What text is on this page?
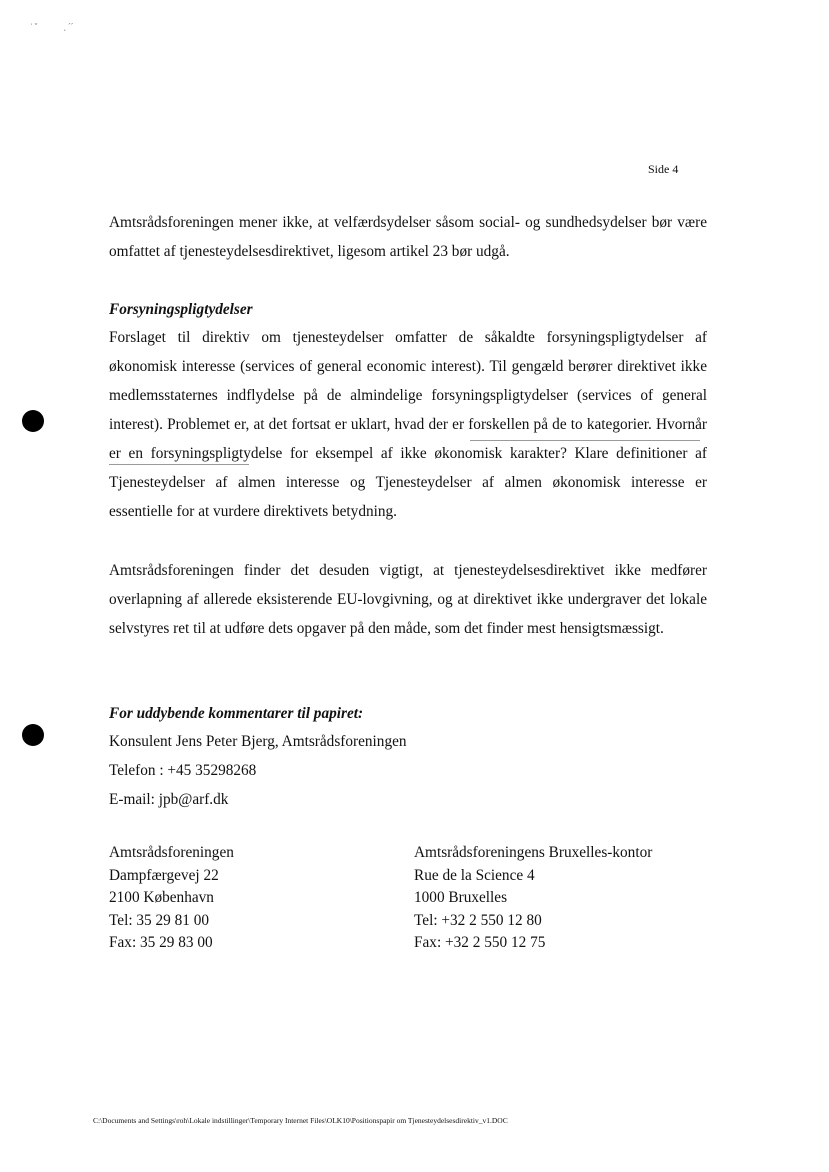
˙ ˇ             ˎ ˊˊ
Side 4

Amtsrådsforeningen mener ikke, at velfærdsydelser såsom social- og sundhedsydelser bør være omfattet af tjenesteydelsesdirektivet, ligesom artikel 23 bør udgå.

Forsyningspligtydelser

Forslaget til direktiv om tjenesteydelser omfatter de såkaldte forsyningspligtydelser af økonomisk interesse (services of general economic interest). Til gengæld berører direktivet ikke medlemsstaternes indflydelse på de almindelige forsyningspligtydelser (services of general interest). Problemet er, at det fortsat er uklart, hvad der er forskellen på de to kategorier. Hvornår er en forsyningspligtydelse for eksempel af ikke økonomisk karakter? Klare definitioner af Tjenesteydelser af almen interesse og Tjenesteydelser af almen økonomisk interesse er essentielle for at vurdere direktivets betydning.

Amtsrådsforeningen finder det desuden vigtigt, at tjenesteydelsesdirektivet ikke medfører overlapning af allerede eksisterende EU-lovgivning, og at direktivet ikke undergraver det lokale selvstyres ret til at udføre dets opgaver på den måde, som det finder mest hensigtsmæssigt.

For uddybende kommentarer til papiret:
Konsulent Jens Peter Bjerg, Amtsrådsforeningen
Telefon : +45 35298268
E-mail: jpb@arf.dk
Amtsrådsforeningen
Dampfærgevej 22
2100 København
Tel: 35 29 81 00
Fax: 35 29 83 00
Amtsrådsforeningens Bruxelles-kontor
Rue de la Science 4
1000 Bruxelles
Tel: +32 2 550 12 80
Fax: +32 2 550 12 75
C:\Documents and Settings\roh\Lokale indstillinger\Temporary Internet Files\OLK10\Positionspapir om Tjenesteydelsesdirektiv_v1.DOC
